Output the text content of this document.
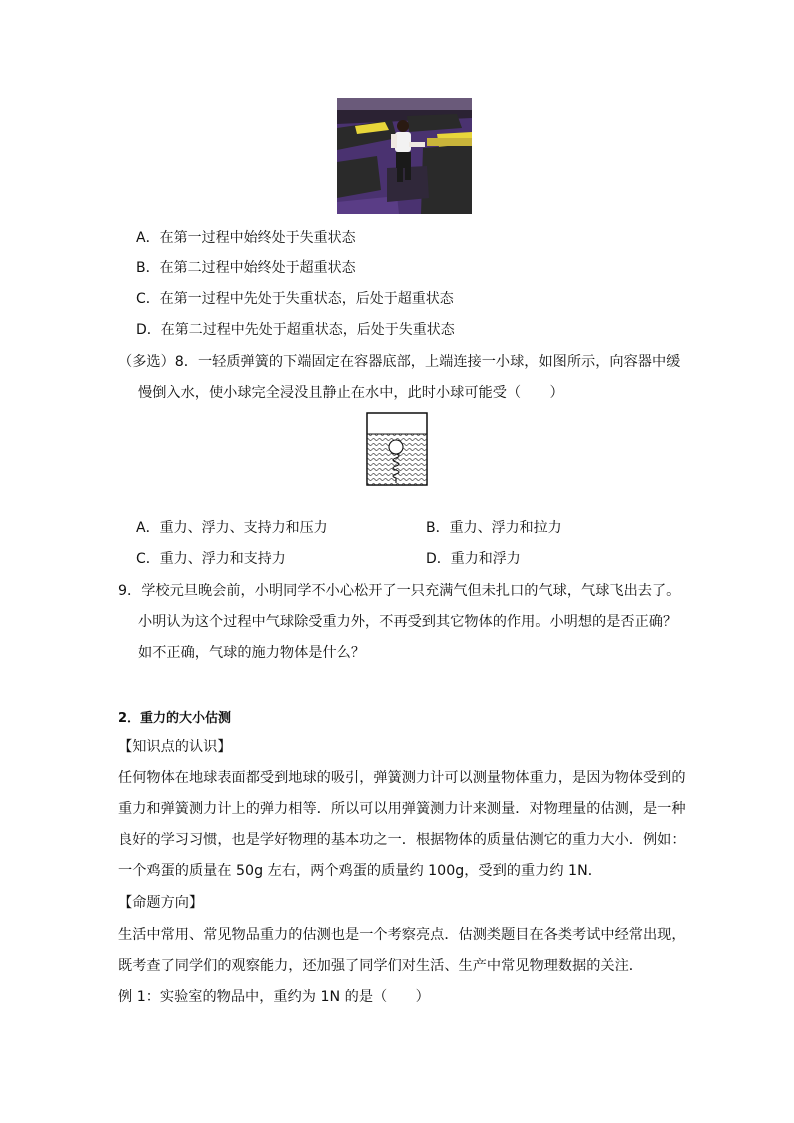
A．在第一过程中始终处于失重状态
B．在第二过程中始终处于超重状态
C．在第一过程中先处于失重状态，后处于超重状态
D．在第二过程中先处于超重状态，后处于失重状态
（多选）8．一轻质弹簧的下端固定在容器底部，上端连接一小球，如图所示，向容器中缓
慢倒入水，使小球完全浸没且静止在水中，此时小球可能受（　　）
A．重力、浮力、支持力和压力	B．重力、浮力和拉力
C．重力、浮力和支持力	D．重力和浮力
9．学校元旦晚会前，小明同学不小心松开了一只充满气但未扎口的气球，气球飞出去了。
小明认为这个过程中气球除受重力外，不再受到其它物体的作用。小明想的是否正确？
如不正确，气球的施力物体是什么？
2．重力的大小估测
【知识点的认识】
任何物体在地球表面都受到地球的吸引，弹簧测力计可以测量物体重力，是因为物体受到的
重力和弹簧测力计上的弹力相等．所以可以用弹簧测力计来测量．对物理量的估测，是一种
良好的学习习惯，也是学好物理的基本功之一．根据物体的质量估测它的重力大小．例如：
一个鸡蛋的质量在 50g 左右，两个鸡蛋的质量约 100g，受到的重力约 1N．
【命题方向】
生活中常用、常见物品重力的估测也是一个考察亮点．估测类题目在各类考试中经常出现，
既考查了同学们的观察能力，还加强了同学们对生活、生产中常见物理数据的关注．
例 1：实验室的物品中，重约为 1N 的是（　　）
